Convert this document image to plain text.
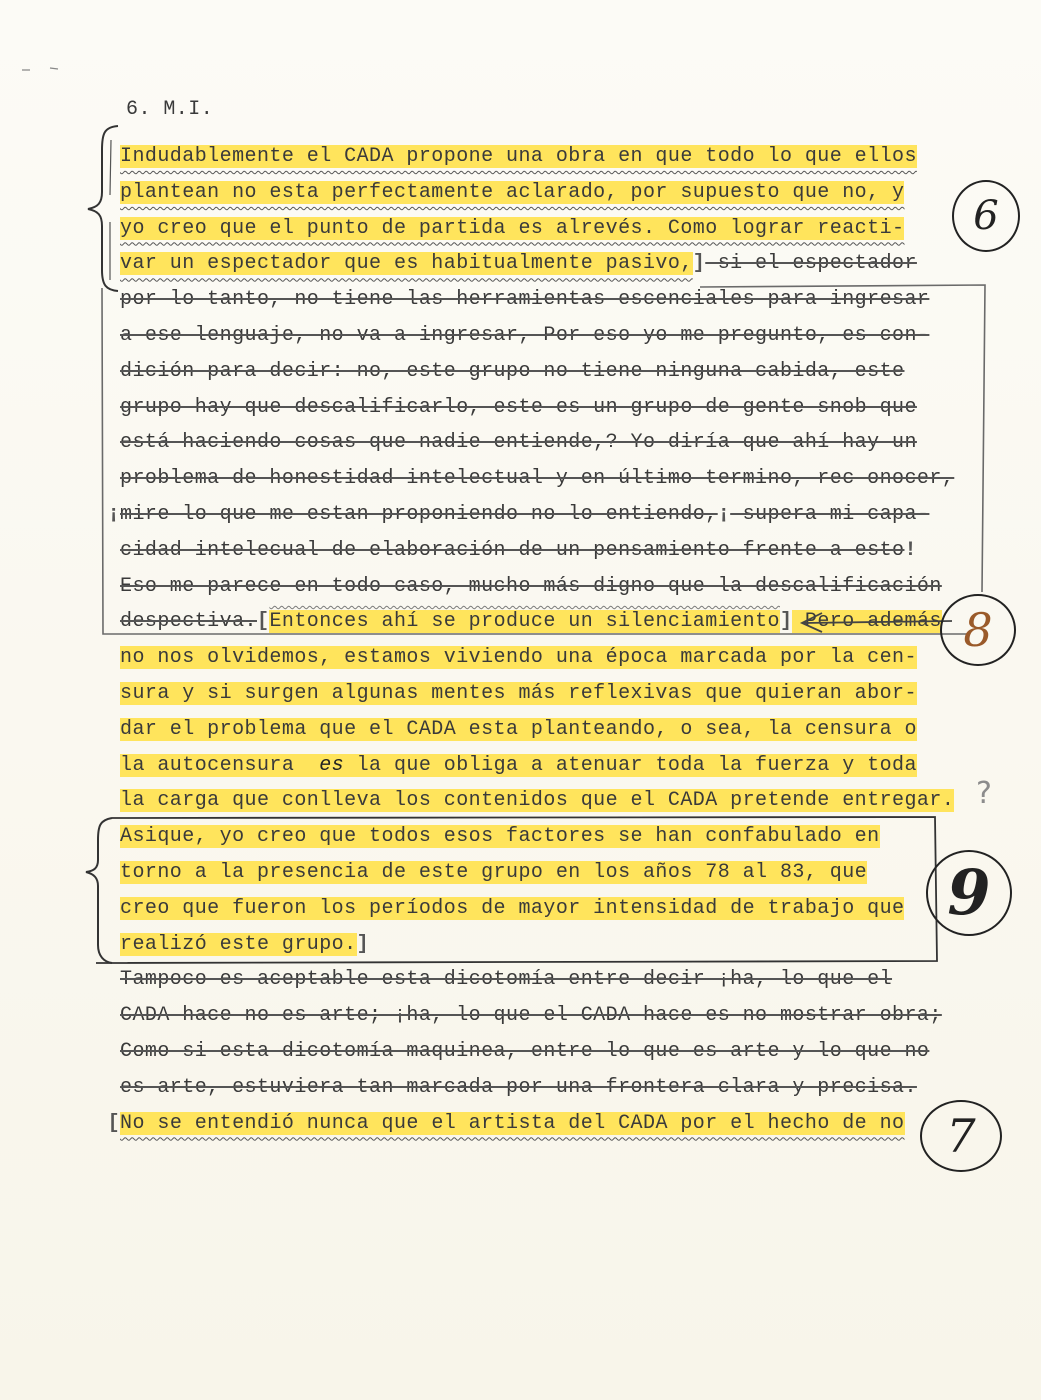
6. M.I.
Indudablemente el CADA propone una obra en que todo lo que ellos
plantean no esta perfectamente aclarado, por supuesto que no, y
yo creo que el punto de partida es alrevés. Como lograr reacti-
var un espectador que es habitualmente pasivo,] si el espectador
por lo tanto, no tiene las herramientas escenciales para ingresar
a ese lenguaje, no va a ingresar, Por eso yo me pregunto, es con-
dición para decir: no, este grupo no tiene ninguna cabida, este
grupo hay que descalificarlo, este es un grupo de gente snob que
está haciendo cosas que nadie entiende,? Yo diría que ahí hay un
problema de honestidad intelectual y en último termino, rec onocer,
¡mire lo que me estan proponiendo no lo entiendo,¡ supera mi capa-
cidad intelecual de elaboración de un pensamiento frente a esto!
Eso me parece en todo caso, mucho más digno que la descalificación
despectiva.[Entonces ahí se produce un silenciamiento] Pero además
no nos olvidemos, estamos viviendo una época marcada por la cen-
sura y si surgen algunas mentes más reflexivas que quieran abor-
dar el problema que el CADA esta planteando, o sea, la censura o
la autocensura  es la que obliga a atenuar toda la fuerza y toda
la carga que conlleva los contenidos que el CADA pretende entregar.
Asique, yo creo que todos esos factores se han confabulado en
torno a la presencia de este grupo en los años 78 al 83, que
creo que fueron los períodos de mayor intensidad de trabajo que
realizó este grupo.]
Tampoco es aceptable esta dicotomía entre decir ¡ha, lo que el
CADA hace no es arte; ¡ha, lo que el CADA hace es no mostrar obra;
Como si esta dicotomía maquinea, entre lo que es arte y lo que no
es arte, estuviera tan marcada por una frontera clara y precisa.
[No se entendió nunca que el artista del CADA por el hecho de no
6
8
?
9
7
